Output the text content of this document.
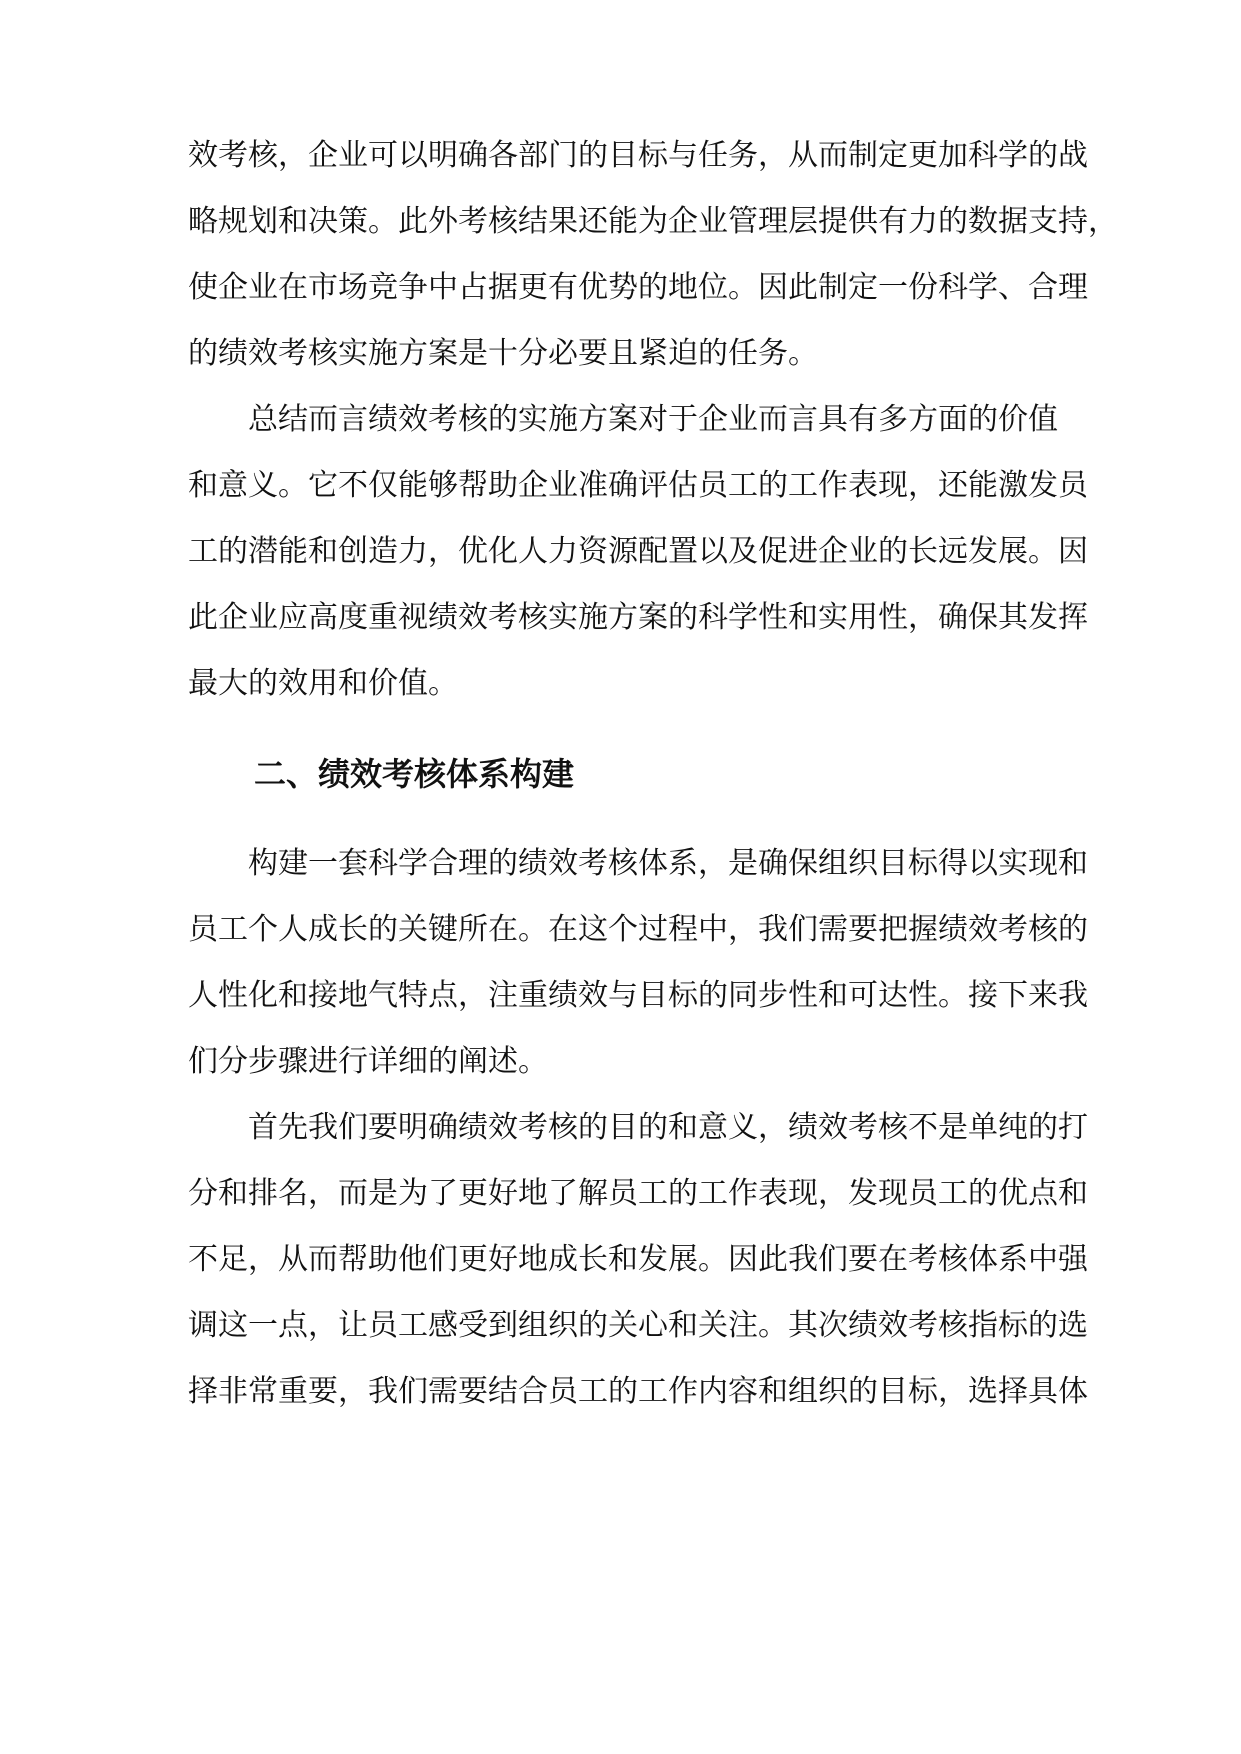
效考核，企业可以明确各部门的目标与任务，从而制定更加科学的战
略规划和决策。此外考核结果还能为企业管理层提供有力的数据支持，
使企业在市场竞争中占据更有优势的地位。因此制定一份科学、合理
的绩效考核实施方案是十分必要且紧迫的任务。
总结而言绩效考核的实施方案对于企业而言具有多方面的价值
和意义。它不仅能够帮助企业准确评估员工的工作表现，还能激发员
工的潜能和创造力，优化人力资源配置以及促进企业的长远发展。因
此企业应高度重视绩效考核实施方案的科学性和实用性，确保其发挥
最大的效用和价值。
二、绩效考核体系构建
构建一套科学合理的绩效考核体系，是确保组织目标得以实现和
员工个人成长的关键所在。在这个过程中，我们需要把握绩效考核的
人性化和接地气特点，注重绩效与目标的同步性和可达性。接下来我
们分步骤进行详细的阐述。
首先我们要明确绩效考核的目的和意义，绩效考核不是单纯的打
分和排名，而是为了更好地了解员工的工作表现，发现员工的优点和
不足，从而帮助他们更好地成长和发展。因此我们要在考核体系中强
调这一点，让员工感受到组织的关心和关注。其次绩效考核指标的选
择非常重要，我们需要结合员工的工作内容和组织的目标，选择具体
